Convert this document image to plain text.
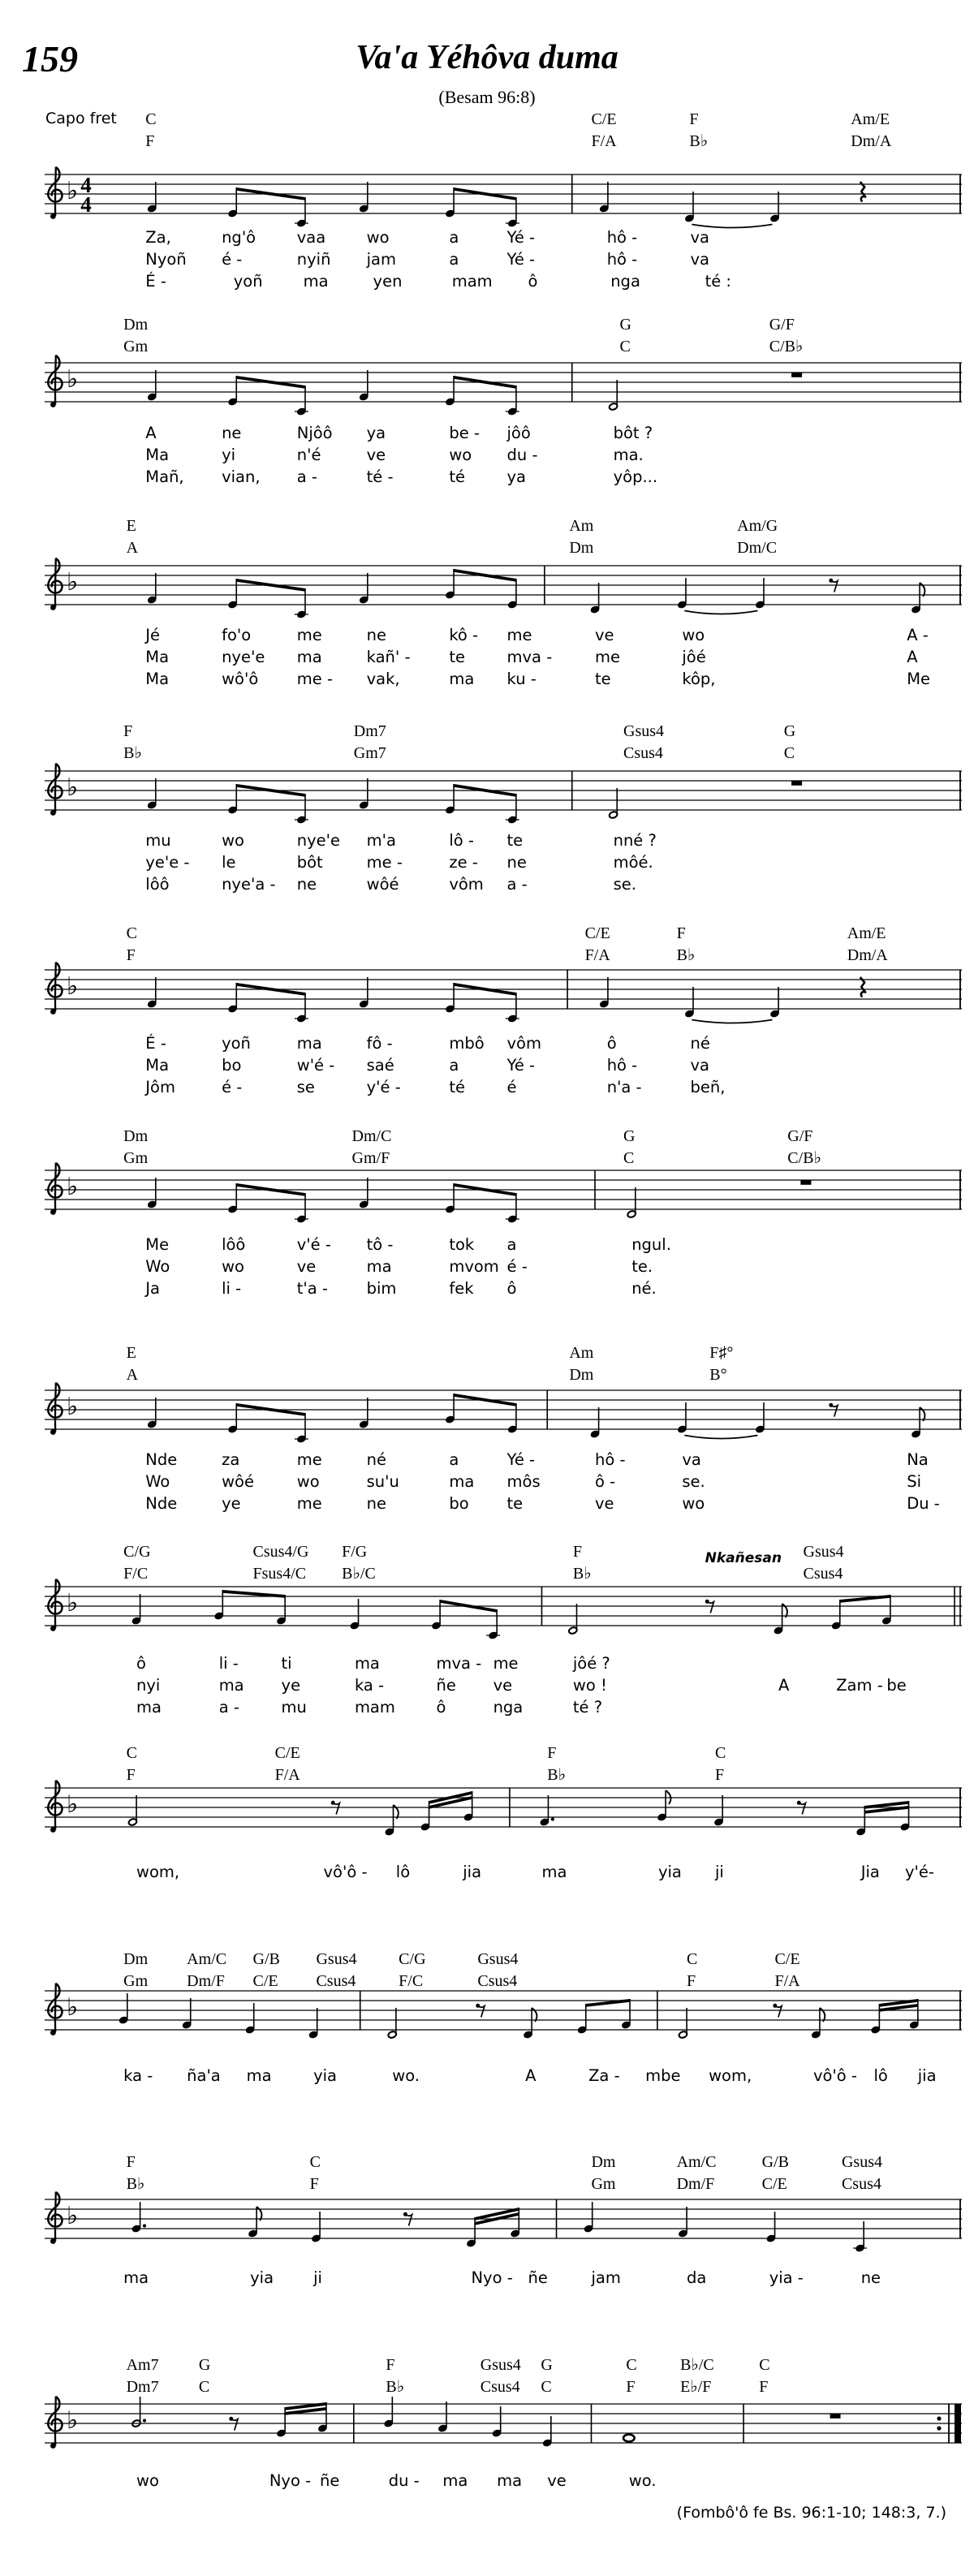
159	Va'a Yéhôva duma
(Besam 96:8)
C
F
C/E
F/A
F
B♭
Am/E
Dm/A
Capo fret
Za,	ng'ô	vaa	wo	a	Yé -	hô -	va
Nyoñ é -	nyiñ jam	a	Yé -	hô -	va
É -	yoñ	ma	yen	mam ô	nga	té :
♭ 4
4
Dm
Gm
G
C
G/F
C/B♭
A	ne	Njôô ya	be - jôô	bôt ?
Ma	yi	n'é	ve	wo du -	ma.
Mañ, vian, a -	té -	té	ya	yôp...
♭
E
A
Am
Dm
Am/G
Dm/C
Jé	fo'o	me	ne	kô - me	ve	wo	A -
Ma	nye'e ma	kañ' - te	mva -	me	jôé	A
Ma	wô'ô me - vak,	ma ku -	te	kôp,	Me
♭
F
B♭
Dm7
Gm7
Gsus4
Csus4
G
C
mu	wo	nye'e m'a	lô - te	nné ?
ye'e - le	bôt	me -	ze - ne	môé.
lôô	nye'a - ne	wôé	vôm a -	se.
♭
C
F
C/E
F/A
F
B♭
Am/E
Dm/A
É -	yoñ	ma	fô -	mbô vôm	ô	né
Ma	bo	w'é - saé	a	Yé -	hô -	va
Jôm	é -	se	y'é -	té	é	n'a -	beñ,
♭
Dm
Gm
Dm/C
Gm/F
G
C
G/F
C/B♭
Me	lôô	v'é - tô -	tok a	ngul.
Wo	wo	ve	ma	mvom é -	te.
Ja	li -	t'a - bim	fek ô	né.
♭
E
A
Am
Dm
F♯°
B°
Nde	za	me	né	a	Yé -	hô -	va	Na
Wo	wôé	wo	su'u	ma môs	ô -	se.	Si
Nde	ye	me	ne	bo te	ve	wo	Du -
♭
C/G
F/C
Csus4/G
Fsus4/C
F/G
B♭/C
F
B♭
Gsus4
Csus4
Nkañesan
ô	li -	ti	ma	mva - me	jôé ?
nyi	ma ye	ka -	ñe ve	wo !	A	Zam - be
ma	a -	mu	mam	ô	nga	té ?
♭
C
F
C/E
F/A
F
B♭
C
F
wom,	vô'ô - lô	jia	ma	yia ji	Jia y'é-
♭
Dm
Gm
Am/C
Dm/F
G/B
C/E
Gsus4
Csus4
C/G
F/C
Gsus4
Csus4
C
F
C/E
F/A
ka - ña'a ma	yia	wo.	A	Za - mbe wom,	vô'ô - lô jia
♭
F
B♭
C
F
Dm
Gm
Am/C
Dm/F
G/B
C/E
Gsus4
Csus4
ma	yia	ji	Nyo - ñe	jam	da	yia -	ne
♭
Am7
Dm7
G
C
F
B♭
Gsus4
Csus4
G
C
C
F
B♭/C
E♭/F
C
F
wo	Nyo - ñe	du - ma ma ve	wo.
♭
(Fombô'ô fe Bs. 96:1-10; 148:3, 7.)
